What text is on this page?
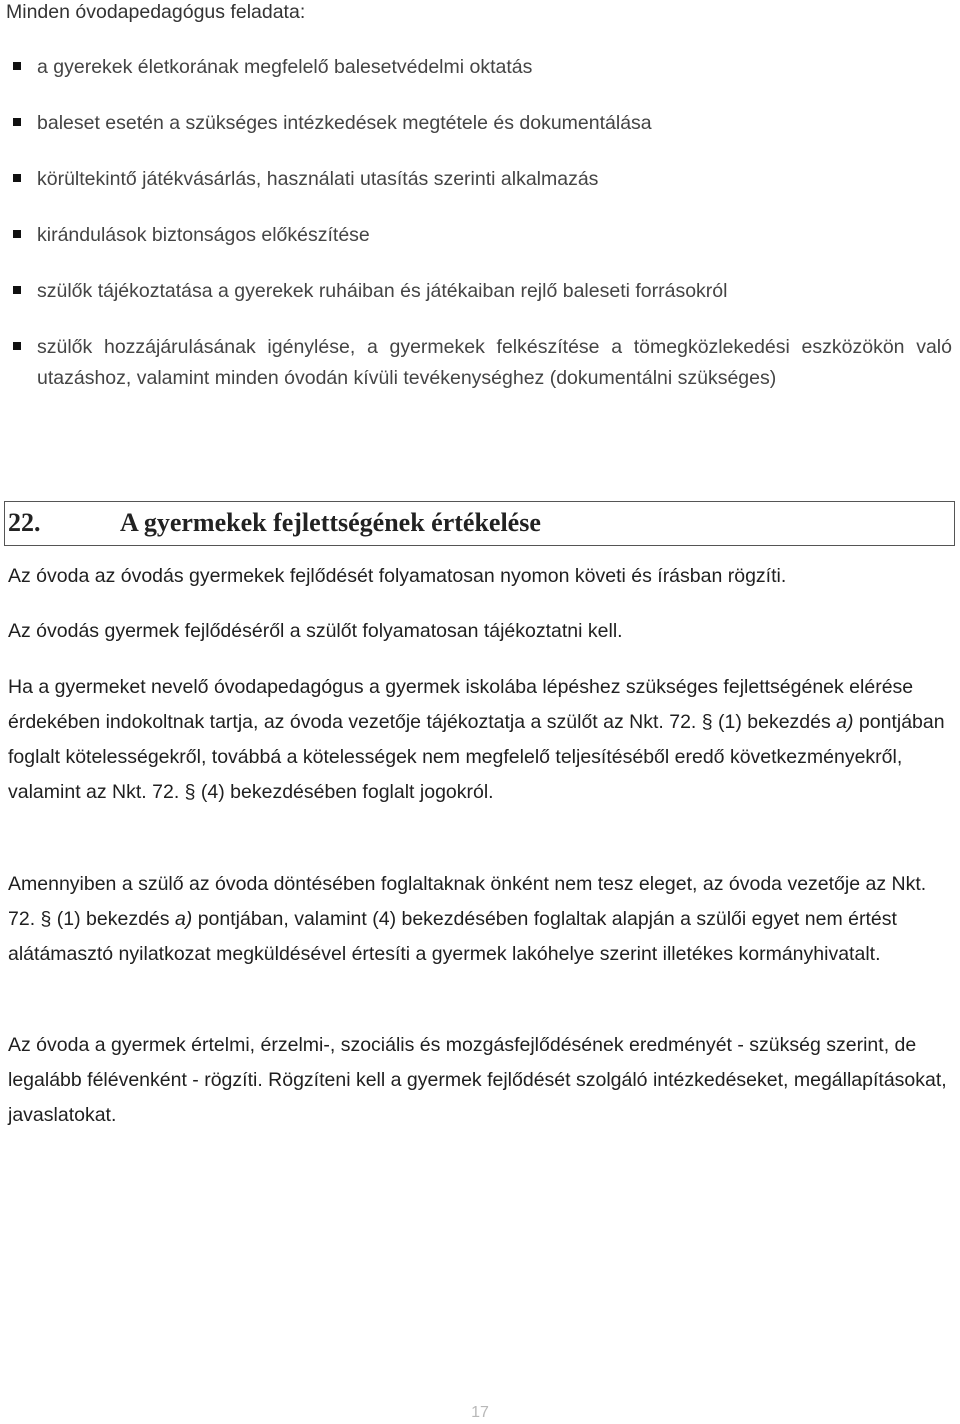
Minden óvodapedagógus feladata:
a gyerekek életkorának megfelelő balesetvédelmi oktatás
baleset esetén a szükséges intézkedések megtétele és dokumentálása
körültekintő játékvásárlás, használati utasítás szerinti alkalmazás
kirándulások biztonságos előkészítése
szülők tájékoztatása a gyerekek ruháiban és játékaiban rejlő baleseti forrásokról
szülők hozzájárulásának igénylése, a gyermekek felkészítése a tömegközlekedési eszközökön való utazáshoz, valamint minden óvodán kívüli tevékenységhez (dokumentálni szükséges)
22.	A gyermekek fejlettségének értékelése
Az óvoda az óvodás gyermekek fejlődését folyamatosan nyomon követi és írásban rögzíti.
Az óvodás gyermek fejlődéséről a szülőt folyamatosan tájékoztatni kell.
Ha a gyermeket nevelő óvodapedagógus a gyermek iskolába lépéshez szükséges fejlettségének elérése érdekében indokoltnak tartja, az óvoda vezetője tájékoztatja a szülőt az Nkt. 72. § (1) bekezdés a) pontjában foglalt kötelességekről, továbbá a kötelességek nem megfelelő teljesítéséből eredő következményekről, valamint az Nkt. 72. § (4) bekezdésében foglalt jogokról.
Amennyiben a szülő az óvoda döntésében foglaltaknak önként nem tesz eleget, az óvoda vezetője az Nkt. 72. § (1) bekezdés a) pontjában, valamint (4) bekezdésében foglaltak alapján a szülői egyet nem értést alátámasztó nyilatkozat megküldésével értesíti a gyermek lakóhelye szerint illetékes kormányhivatalt.
Az óvoda a gyermek értelmi, érzelmi-, szociális és mozgásfejlődésének eredményét - szükség szerint, de legalább félévenként - rögzíti. Rögzíteni kell a gyermek fejlődését szolgáló intézkedéseket, megállapításokat, javaslatokat.
17
